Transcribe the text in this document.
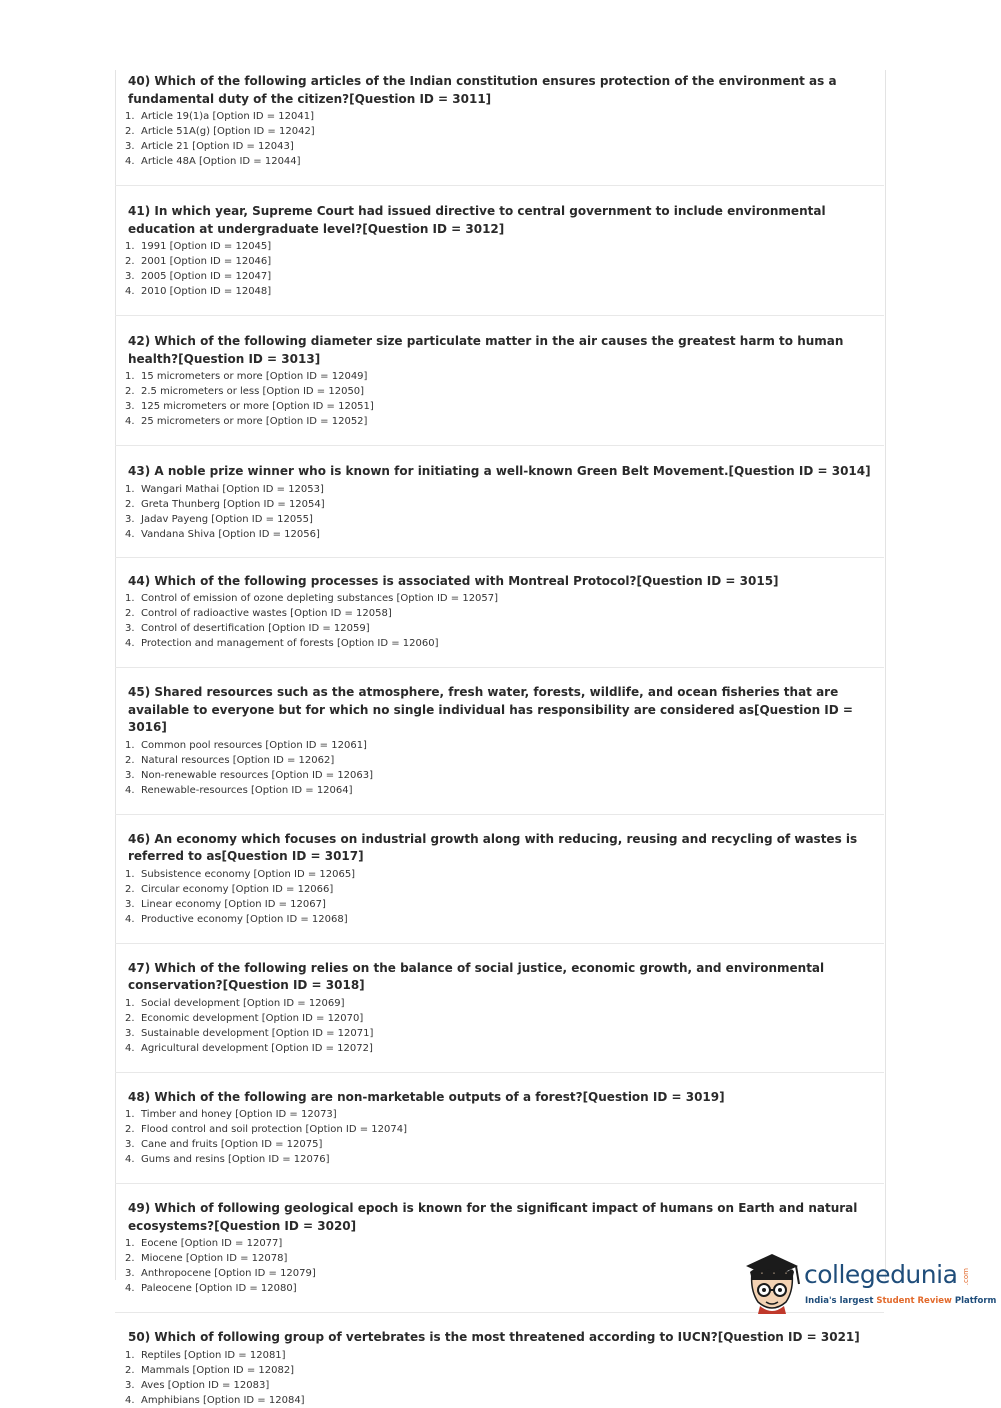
40) Which of the following articles of the Indian constitution ensures protection of the environment as a fundamental duty of the citizen?[Question ID = 3011]
1. Article 19(1)a [Option ID = 12041]
2. Article 51A(g) [Option ID = 12042]
3. Article 21 [Option ID = 12043]
4. Article 48A [Option ID = 12044]
41) In which year, Supreme Court had issued directive to central government to include environmental education at undergraduate level?[Question ID = 3012]
1. 1991 [Option ID = 12045]
2. 2001 [Option ID = 12046]
3. 2005 [Option ID = 12047]
4. 2010 [Option ID = 12048]
42) Which of the following diameter size particulate matter in the air causes the greatest harm to human health?[Question ID = 3013]
1. 15 micrometers or more [Option ID = 12049]
2. 2.5 micrometers or less [Option ID = 12050]
3. 125 micrometers or more [Option ID = 12051]
4. 25 micrometers or more [Option ID = 12052]
43) A noble prize winner who is known for initiating a well-known Green Belt Movement.[Question ID = 3014]
1. Wangari Mathai [Option ID = 12053]
2. Greta Thunberg [Option ID = 12054]
3. Jadav Payeng [Option ID = 12055]
4. Vandana Shiva [Option ID = 12056]
44) Which of the following processes is associated with Montreal Protocol?[Question ID = 3015]
1. Control of emission of ozone depleting substances [Option ID = 12057]
2. Control of radioactive wastes [Option ID = 12058]
3. Control of desertification [Option ID = 12059]
4. Protection and management of forests [Option ID = 12060]
45) Shared resources such as the atmosphere, fresh water, forests, wildlife, and ocean fisheries that are available to everyone but for which no single individual has responsibility are considered as[Question ID = 3016]
1. Common pool resources [Option ID = 12061]
2. Natural resources [Option ID = 12062]
3. Non-renewable resources [Option ID = 12063]
4. Renewable-resources [Option ID = 12064]
46) An economy which focuses on industrial growth along with reducing, reusing and recycling of wastes is referred to as[Question ID = 3017]
1. Subsistence economy [Option ID = 12065]
2. Circular economy [Option ID = 12066]
3. Linear economy [Option ID = 12067]
4. Productive economy [Option ID = 12068]
47) Which of the following relies on the balance of social justice, economic growth, and environmental conservation?[Question ID = 3018]
1. Social development [Option ID = 12069]
2. Economic development [Option ID = 12070]
3. Sustainable development [Option ID = 12071]
4. Agricultural development [Option ID = 12072]
48) Which of the following are non-marketable outputs of a forest?[Question ID = 3019]
1. Timber and honey [Option ID = 12073]
2. Flood control and soil protection [Option ID = 12074]
3. Cane and fruits [Option ID = 12075]
4. Gums and resins [Option ID = 12076]
49) Which of following geological epoch is known for the significant impact of humans on Earth and natural ecosystems?[Question ID = 3020]
1. Eocene [Option ID = 12077]
2. Miocene [Option ID = 12078]
3. Anthropocene [Option ID = 12079]
4. Paleocene [Option ID = 12080]
50) Which of following group of vertebrates is the most threatened according to IUCN?[Question ID = 3021]
1. Reptiles [Option ID = 12081]
2. Mammals [Option ID = 12082]
3. Aves [Option ID = 12083]
4. Amphibians [Option ID = 12084]
collegedunia .com
India's largest Student Review Platform
